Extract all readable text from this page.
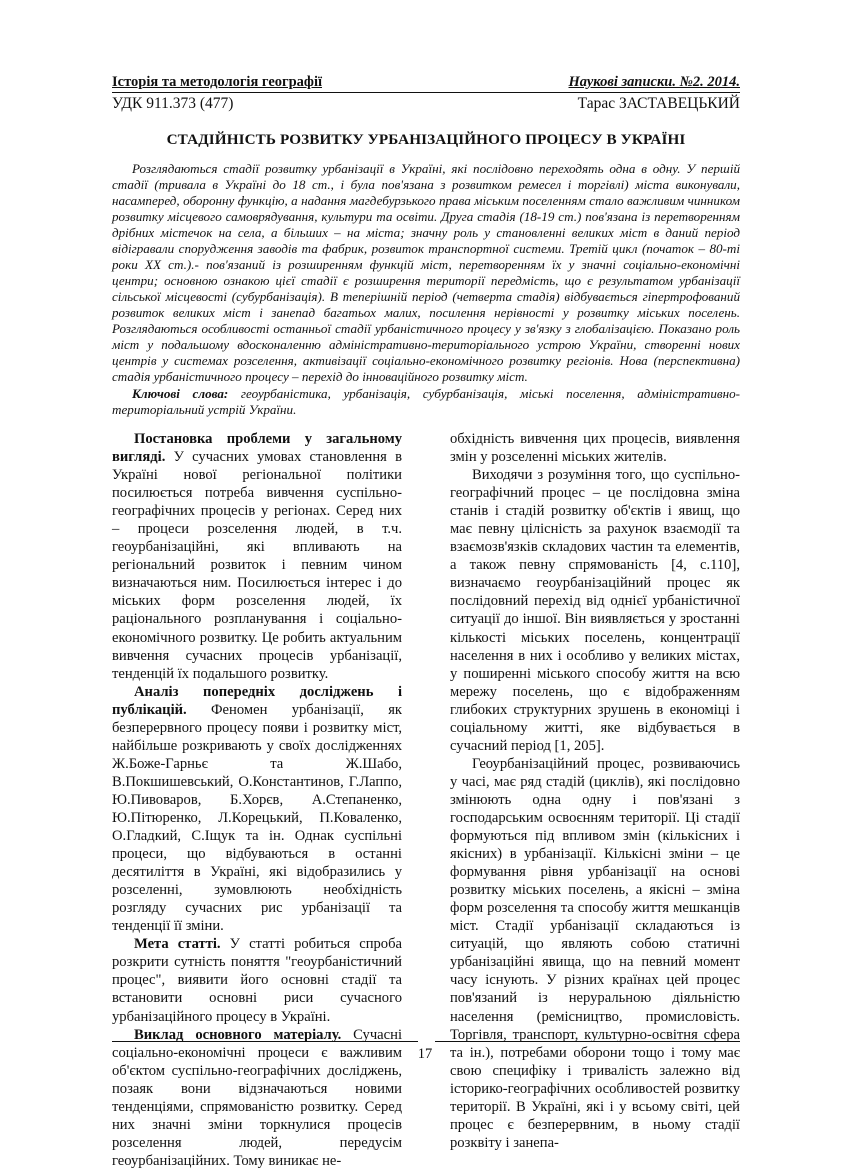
Історія та методологія географії	Наукові записки. №2. 2014.
УДК 911.373 (477)	Тарас ЗАСТАВЕЦЬКИЙ
СТАДІЙНІСТЬ РОЗВИТКУ УРБАНІЗАЦІЙНОГО ПРОЦЕСУ В УКРАЇНІ
Розглядаються стадії розвитку урбанізації в Україні, які послідовно переходять одна в одну. У першій стадії (тривала в Україні до 18 ст., і була пов'язана з розвитком ремесел і торгівлі) міста виконували, насамперед, оборонну функцію, а надання магдебурзького права міським поселенням стало важливим чинником розвитку місцевого самоврядування, культури та освіти. Друга стадія (18-19 ст.) пов'язана із перетворенням дрібних містечок на села, а більших – на міста; значну роль у становленні великих міст в даний період відігравали спорудження заводів та фабрик, розвиток транспортної системи. Третій цикл (початок – 80-ті роки XX ст.).- пов'язаний із розширенням функцій міст, перетворенням їх у значні соціально-економічні центри; основною ознакою цієї стадії є розширення території передмість, що є результатом урбанізації сільської місцевості (субурбанізація). В теперішній період (четверта стадія) відбувається гіпертрофований розвиток великих міст і занепад багатьох малих, посилення нерівності у розвитку міських поселень. Розглядаються особливості останньої стадії урбаністичного процесу у зв'язку з глобалізацією. Показано роль міст у подальшому вдосконаленню адміністративно-територіального устрою України, створенні нових центрів у системах розселення, активізації соціально-економічного розвитку регіонів. Нова (перспективна) стадія урбаністичного процесу – перехід до інноваційного розвитку міст.
Ключові слова: геоурбаністика, урбанізація, субурбанізація, міські поселення, адміністративно-територіальний устрій України.

Постановка проблеми у загальному вигляді. У сучасних умовах становлення в Україні нової регіональної політики посилюється потреба вивчення суспільно-географічних процесів у регіонах. Серед них – процеси розселення людей, в т.ч. геоурбанізаційні, які впливають на регіональний розвиток і певним чином визначаються ним. Посилюється інтерес і до міських форм розселення людей, їх раціонального розпланування і соціально-економічного розвитку. Це робить актуальним вивчення сучасних процесів урбанізації, тенденцій їх подальшого розвитку.

Аналіз попередніх досліджень і публікацій. Феномен урбанізації, як безперервного процесу появи і розвитку міст, найбільше розкривають у своїх дослідженнях Ж.Боже-Гарньє та Ж.Шабо, В.Покшишевський, О.Константинов, Г.Лаппо, Ю.Пивоваров, Б.Хорєв, А.Степаненко, Ю.Пітюренко, Л.Корецький, П.Коваленко, О.Гладкий, С.Іщук та ін. Однак суспільні процеси, що відбуваються в останні десятиліття в Україні, які відобразились у розселенні, зумовлюють необхідність розгляду сучасних рис урбанізації та тенденції її зміни.

Мета статті. У статті робиться спроба розкрити сутність поняття "геоурбаністичний процес", виявити його основні стадії та встановити основні риси сучасного урбанізаційного процесу в Україні.

Виклад основного матеріалу. Сучасні соціально-економічні процеси є важливим об'єктом суспільно-географічних досліджень, позаяк вони відзначаються новими тенденціями, спрямованістю розвитку. Серед них значні зміни торкнулися процесів розселення людей, передусім геоурбанізаційних. Тому виникає не-

обхідність вивчення цих процесів, виявлення змін у розселенні міських жителів.

Виходячи з розуміння того, що суспільно-географічний процес – це послідовна зміна станів і стадій розвитку об'єктів і явищ, що має певну цілісність за рахунок взаємодії та взаємозв'язків складових частин та елементів, а також певну спрямованість [4, с.110], визначаємо геоурбанізаційний процес як послідовний перехід від однієї урбаністичної ситуації до іншої. Він виявляється у зростанні кількості міських поселень, концентрації населення в них і особливо у великих містах, у поширенні міського способу життя на всю мережу поселень, що є відображенням глибоких структурних зрушень в економіці і соціальному житті, яке відбувається в сучасний період [1, 205].

Геоурбанізаційний процес, розвиваючись у часі, має ряд стадій (циклів), які послідовно змінюють одна одну і пов'язані з господарським освоєнням території. Ці стадії формуються під впливом змін (кількісних і якісних) в урбанізації. Кількісні зміни – це формування рівня урбанізації на основі розвитку міських поселень, а якісні – зміна форм розселення та способу життя мешканців міст. Стадії урбанізації складаються із ситуацій, що являють собою статичні урбанізаційні явища, що на певний момент часу існують. У різних країнах цей процес пов'язаний із неруральною діяльністю населення (ремісництво, промисловість. Торгівля, транспорт, культурно-освітня сфера та ін.), потребами оборони тощо і тому має свою специфіку і тривалість залежно від історико-географічних особливостей розвитку території. В Україні, які і у всьому світі, цей процес є безперервним, в ньому стадії розквіту і занепа-

17
